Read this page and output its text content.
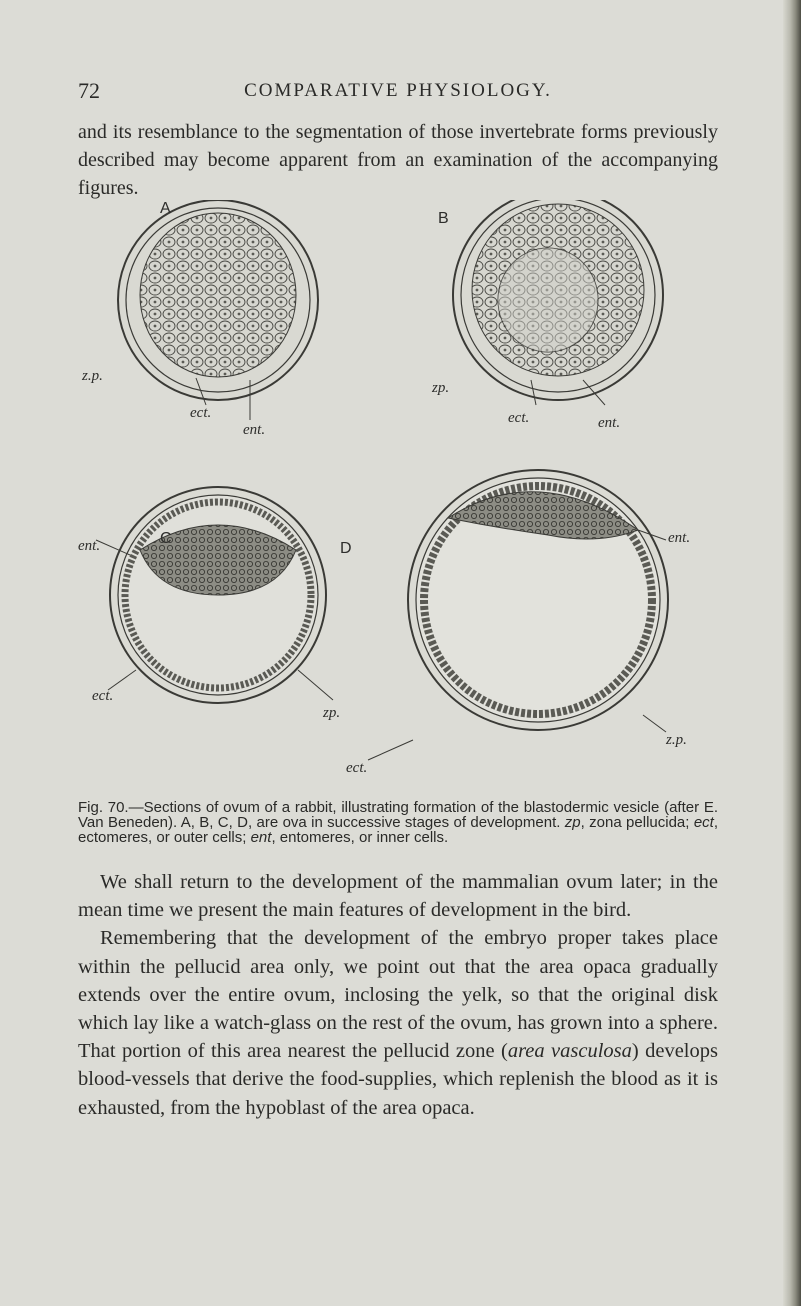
72	COMPARATIVE PHYSIOLOGY.
and its resemblance to the segmentation of those invertebrate forms previously described may become apparent from an examination of the accompanying figures.
A
z.p.
ect.
ent.
B
zp.
ect.	ent.
C
ent.
ect.
zp.
D
ent.
ect.
z.p.
Fig. 70.—Sections of ovum of a rabbit, illustrating formation of the blastodermic vesicle (after E. Van Beneden). A, B, C, D, are ova in successive stages of development. zp, zona pellucida; ect, ectomeres, or outer cells; ent, entomeres, or inner cells.

We shall return to the development of the mammalian ovum later; in the mean time we present the main features of development in the bird.

Remembering that the development of the embryo proper takes place within the pellucid area only, we point out that the area opaca gradually extends over the entire ovum, inclosing the yelk, so that the original disk which lay like a watch-glass on the rest of the ovum, has grown into a sphere. That portion of this area nearest the pellucid zone (area vasculosa) develops blood-vessels that derive the food-supplies, which replenish the blood as it is exhausted, from the hypoblast of the area opaca.
